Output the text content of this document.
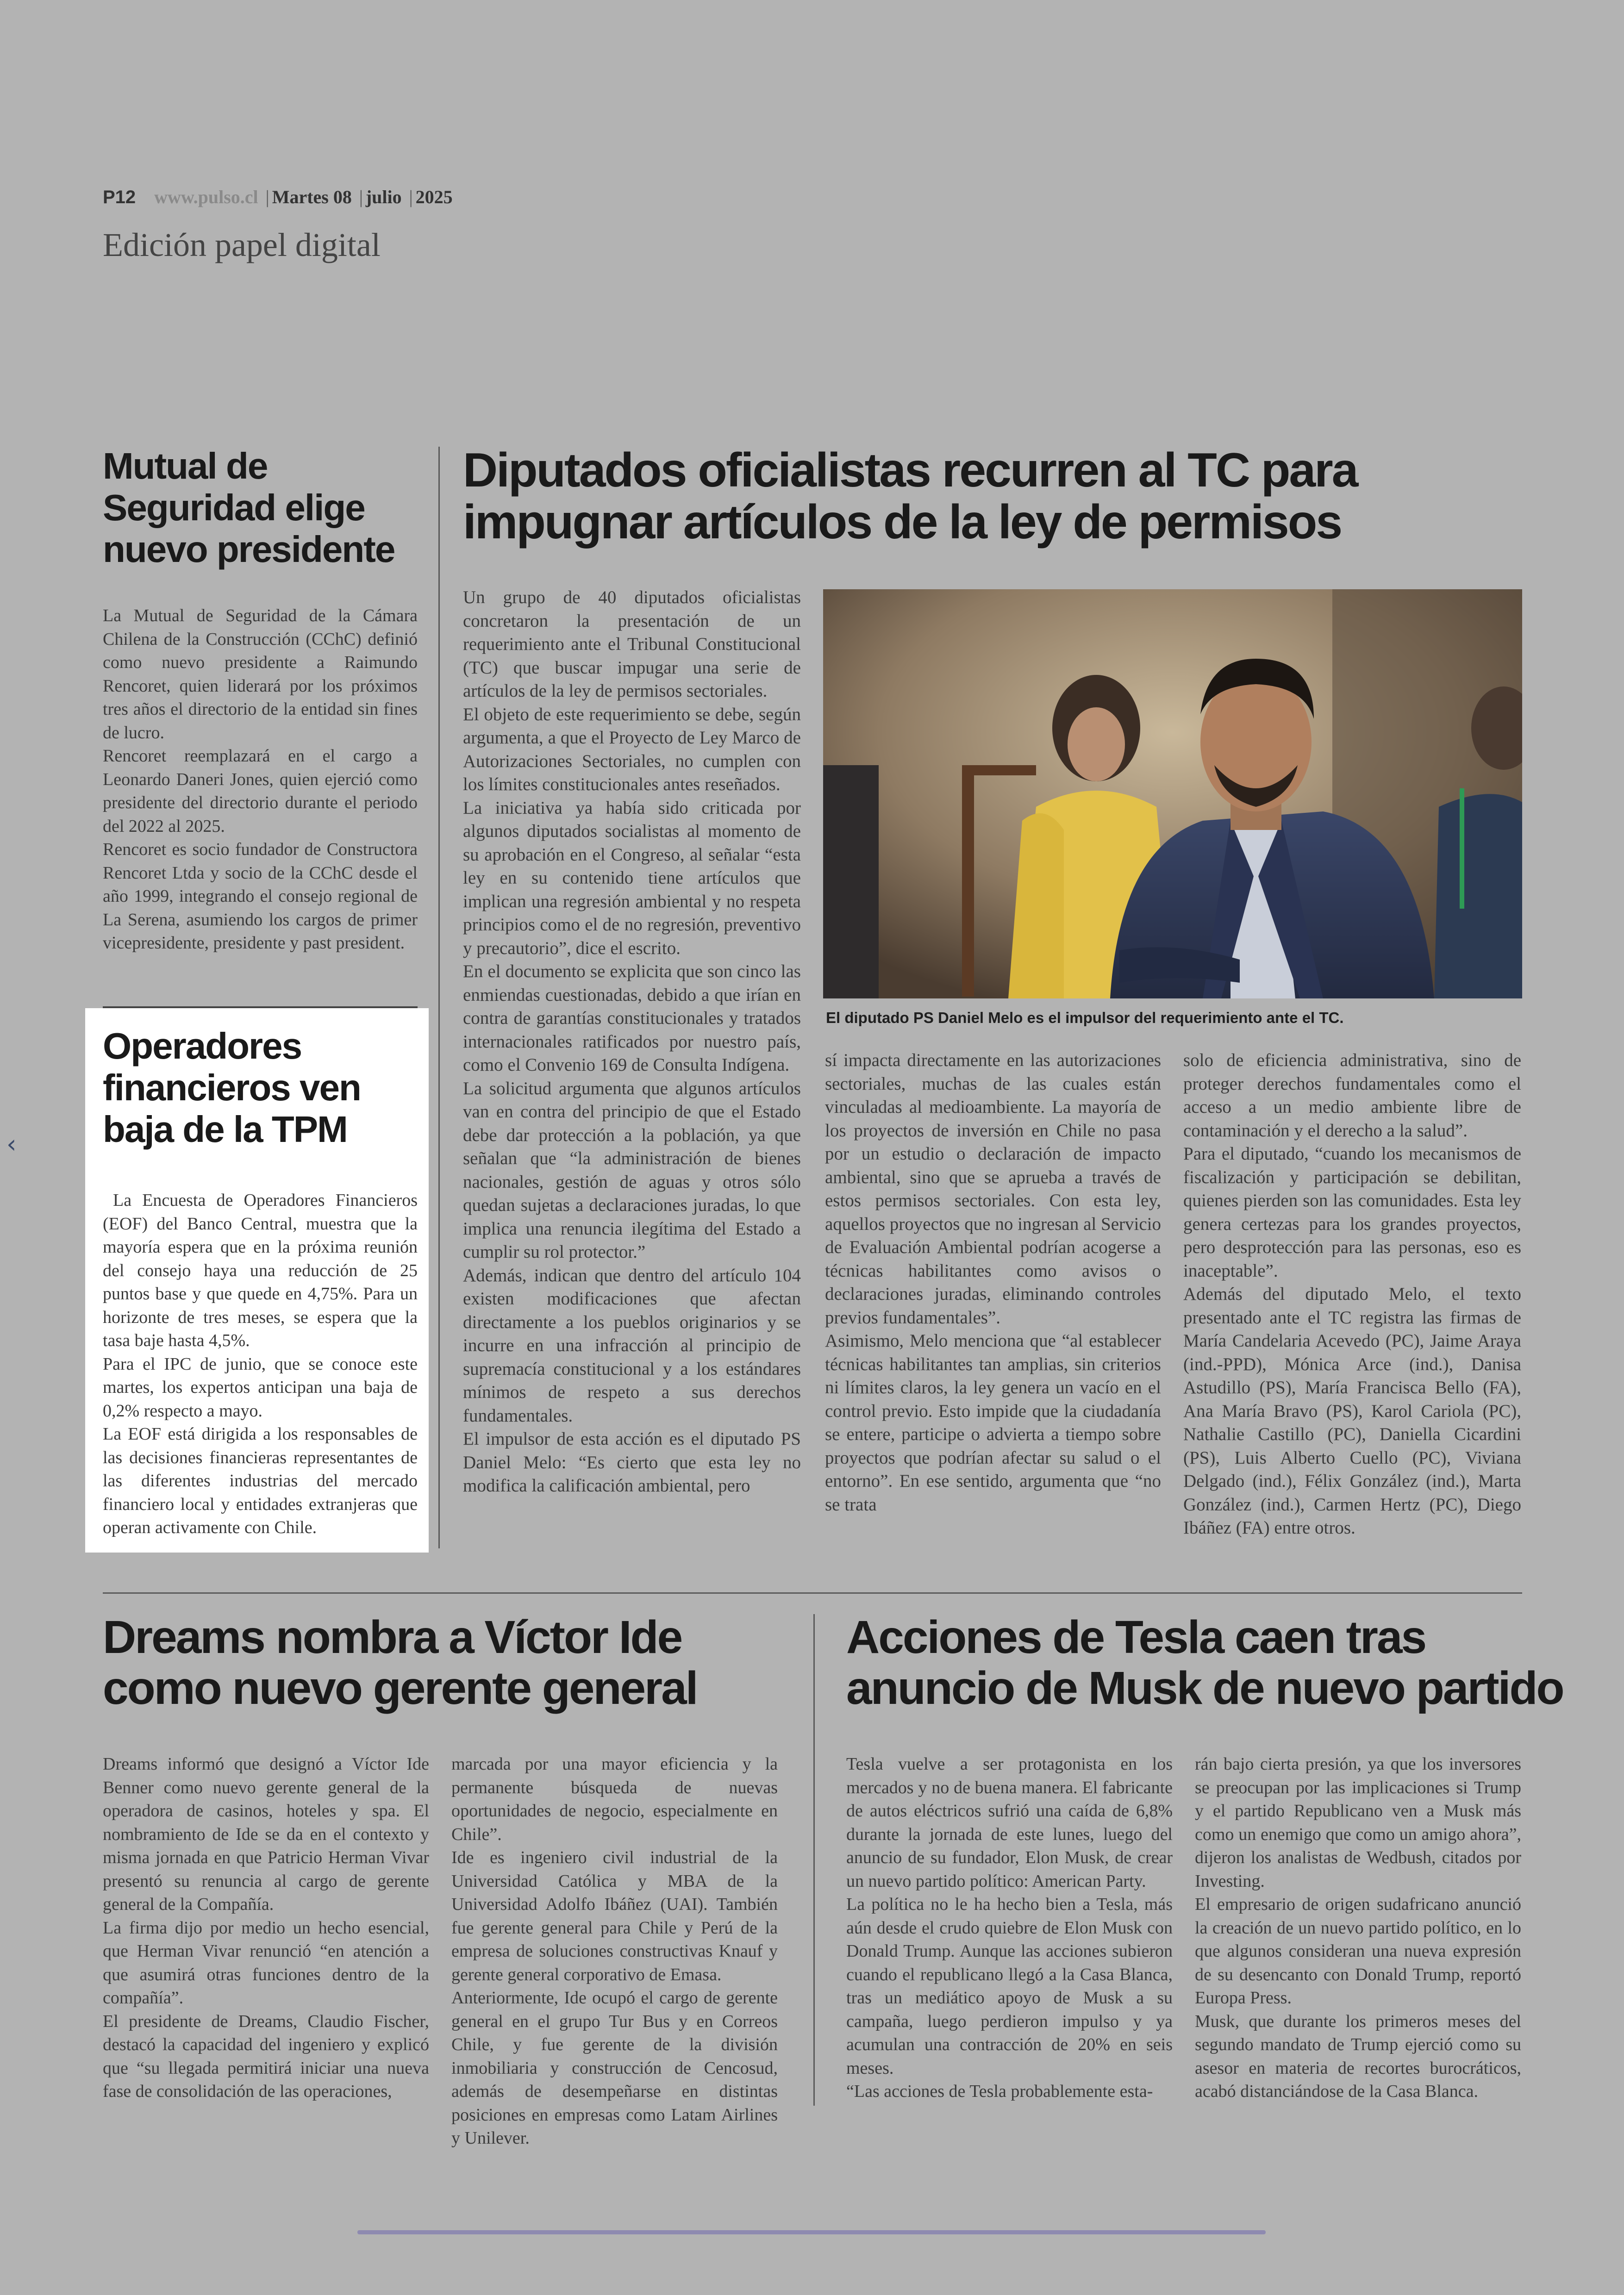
P12 www.pulso.cl | Martes 08 | julio | 2025
Edición papel digital
Mutual de
Seguridad elige
nuevo presidente

La Mutual de Seguridad de la Cámara Chilena de la Construcción (CChC) definió como nuevo presidente a Raimundo Rencoret, quien liderará por los próximos tres años el directorio de la entidad sin fines de lucro.

Rencoret reemplazará en el cargo a Leonardo Daneri Jones, quien ejerció como presidente del directorio durante el periodo del 2022 al 2025.

Rencoret es socio fundador de Constructora Rencoret Ltda y socio de la CChC desde el año 1999, integrando el consejo regional de La Serena, asumiendo los cargos de primer vicepresidente, presidente y past president.

Operadores
financieros ven
baja de la TPM

La Encuesta de Operadores Financieros (EOF) del Banco Central, muestra que la mayoría espera que en la próxima reunión del consejo haya una reducción de 25 puntos base y que quede en 4,75%. Para un horizonte de tres meses, se espera que la tasa baje hasta 4,5%.

Para el IPC de junio, que se conoce este martes, los expertos anticipan una baja de 0,2% respecto a mayo.

La EOF está dirigida a los responsables de las decisiones financieras representantes de las diferentes industrias del mercado financiero local y entidades extranjeras que operan activamente con Chile.

‹
Diputados oficialistas recurren al TC para
impugnar artículos de la ley de permisos

Un grupo de 40 diputados oficialistas concretaron la presentación de un requerimiento ante el Tribunal Constitucional (TC) que buscar impugar una serie de artículos de la ley de permisos sectoriales.

El objeto de este requerimiento se debe, según argumenta, a que el Proyecto de Ley Marco de Autorizaciones Sectoriales, no cumplen con los límites constitucionales antes reseñados.

La iniciativa ya había sido criticada por algunos diputados socialistas al momento de su aprobación en el Congreso, al señalar “esta ley en su contenido tiene artículos que implican una regresión ambiental y no respeta principios como el de no regresión, preventivo y precautorio”, dice el escrito.

En el documento se explicita que son cinco las enmiendas cuestionadas, debido a que irían en contra de garantías constitucionales y tratados internacionales ratificados por nuestro país, como el Convenio 169 de Consulta Indígena.

La solicitud argumenta que algunos artículos van en contra del principio de que el Estado debe dar protección a la población, ya que señalan que “la administración de bienes nacionales, gestión de aguas y otros sólo quedan sujetas a declaraciones juradas, lo que implica una renuncia ilegítima del Estado a cumplir su rol protector.”

Además, indican que dentro del artículo 104 existen modificaciones que afectan directamente a los pueblos originarios y se incurre en una infracción al principio de supremacía constitucional y a los estándares mínimos de respeto a sus derechos fundamentales.

El impulsor de esta acción es el diputado PS Daniel Melo: “Es cierto que esta ley no modifica la calificación ambiental, pero

El diputado PS Daniel Melo es el impulsor del requerimiento ante el TC.

sí impacta directamente en las autorizaciones sectoriales, muchas de las cuales están vinculadas al medioambiente. La mayoría de los proyectos de inversión en Chile no pasa por un estudio o declaración de impacto ambiental, sino que se aprueba a través de estos permisos sectoriales. Con esta ley, aquellos proyectos que no ingresan al Servicio de Evaluación Ambiental podrían acogerse a técnicas habilitantes como avisos o declaraciones juradas, eliminando controles previos fundamentales”.

Asimismo, Melo menciona que “al establecer técnicas habilitantes tan amplias, sin criterios ni límites claros, la ley genera un vacío en el control previo. Esto impide que la ciudadanía se entere, participe o advierta a tiempo sobre proyectos que podrían afectar su salud o el entorno”. En ese sentido, argumenta que “no se trata

solo de eficiencia administrativa, sino de proteger derechos fundamentales como el acceso a un medio ambiente libre de contaminación y el derecho a la salud”.

Para el diputado, “cuando los mecanismos de fiscalización y participación se debilitan, quienes pierden son las comunidades. Esta ley genera certezas para los grandes proyectos, pero desprotección para las personas, eso es inaceptable”.

Además del diputado Melo, el texto presentado ante el TC registra las firmas de María Candelaria Acevedo (PC), Jaime Araya (ind.-PPD), Mónica Arce (ind.), Danisa Astudillo (PS), María Francisca Bello (FA), Ana María Bravo (PS), Karol Cariola (PC), Nathalie Castillo (PC), Daniella Cicardini (PS), Luis Alberto Cuello (PC), Viviana Delgado (ind.), Félix González (ind.), Marta González (ind.), Carmen Hertz (PC), Diego Ibáñez (FA) entre otros.

Dreams nombra a Víctor Ide
como nuevo gerente general

Dreams informó que designó a Víctor Ide Benner como nuevo gerente general de la operadora de casinos, hoteles y spa. El nombramiento de Ide se da en el contexto y misma jornada en que Patricio Herman Vivar presentó su renuncia al cargo de gerente general de la Compañía.

La firma dijo por medio un hecho esencial, que Herman Vivar renunció “en atención a que asumirá otras funciones dentro de la compañía”.

El presidente de Dreams, Claudio Fischer, destacó la capacidad del ingeniero y explicó que “su llegada permitirá iniciar una nueva fase de consolidación de las operaciones,

marcada por una mayor eficiencia y la permanente búsqueda de nuevas oportunidades de negocio, especialmente en Chile”.

Ide es ingeniero civil industrial de la Universidad Católica y MBA de la Universidad Adolfo Ibáñez (UAI). También fue gerente general para Chile y Perú de la empresa de soluciones constructivas Knauf y gerente general corporativo de Emasa.

Anteriormente, Ide ocupó el cargo de gerente general en el grupo Tur Bus y en Correos Chile, y fue gerente de la división inmobiliaria y construcción de Cencosud, además de desempeñarse en distintas posiciones en empresas como Latam Airlines y Unilever.

Acciones de Tesla caen tras
anuncio de Musk de nuevo partido

Tesla vuelve a ser protagonista en los mercados y no de buena manera. El fabricante de autos eléctricos sufrió una caída de 6,8% durante la jornada de este lunes, luego del anuncio de su fundador, Elon Musk, de crear un nuevo partido político: American Party.

La política no le ha hecho bien a Tesla, más aún desde el crudo quiebre de Elon Musk con Donald Trump. Aunque las acciones subieron cuando el republicano llegó a la Casa Blanca, tras un mediático apoyo de Musk a su campaña, luego perdieron impulso y ya acumulan una contracción de 20% en seis meses.

“Las acciones de Tesla probablemente esta-

rán bajo cierta presión, ya que los inversores se preocupan por las implicaciones si Trump y el partido Republicano ven a Musk más como un enemigo que como un amigo ahora”, dijeron los analistas de Wedbush, citados por Investing.

El empresario de origen sudafricano anunció la creación de un nuevo partido político, en lo que algunos consideran una nueva expresión de su desencanto con Donald Trump, reportó Europa Press.

Musk, que durante los primeros meses del segundo mandato de Trump ejerció como su asesor en materia de recortes burocráticos, acabó distanciándose de la Casa Blanca.
